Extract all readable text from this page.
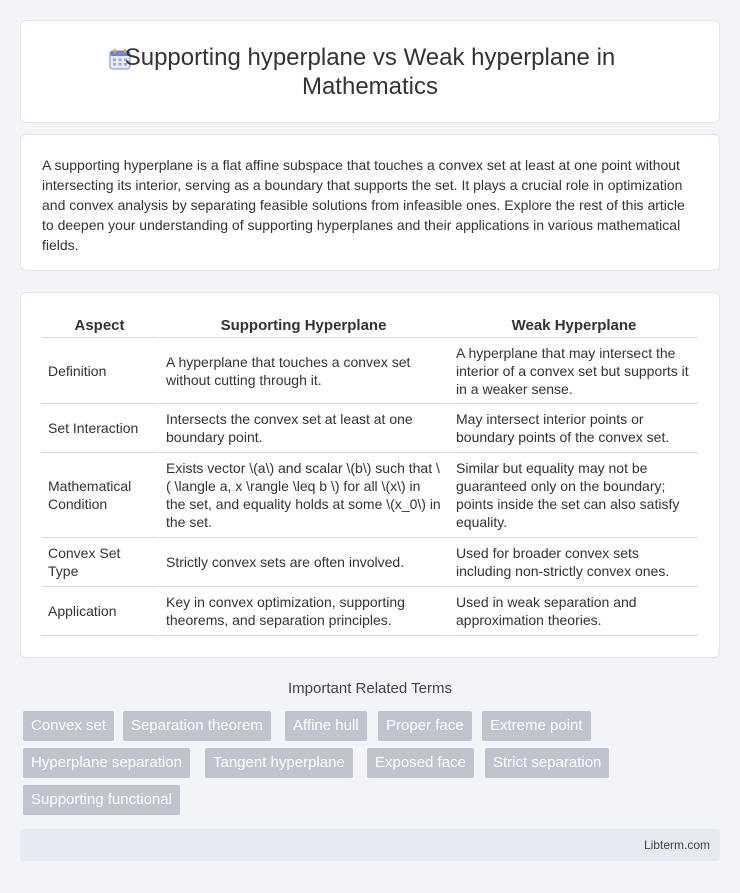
Supporting hyperplane vs Weak hyperplane in Mathematics

A supporting hyperplane is a flat affine subspace that touches a convex set at least at one point without intersecting its interior, serving as a boundary that supports the set. It plays a crucial role in optimization and convex analysis by separating feasible solutions from infeasible ones. Explore the rest of this article to deepen your understanding of supporting hyperplanes and their applications in various mathematical fields.

Aspect	Supporting Hyperplane	Weak Hyperplane
Definition	A hyperplane that touches a convex set without cutting through it.	A hyperplane that may intersect the interior of a convex set but supports it in a weaker sense.
Set Interaction	Intersects the convex set at least at one boundary point.	May intersect interior points or boundary points of the convex set.
Mathematical Condition	Exists vector \(a\) and scalar \(b\) such that \( \langle a, x \rangle \leq b \) for all \(x\) in the set, and equality holds at some \(x_0\) in the set.	Similar but equality may not be guaranteed only on the boundary; points inside the set can also satisfy equality.
Convex Set Type	Strictly convex sets are often involved.	Used for broader convex sets including non-strictly convex ones.
Application	Key in convex optimization, supporting theorems, and separation principles.	Used in weak separation and approximation theories.
Important Related Terms
Convex set	Separation theorem	Affine hull	Proper face	Extreme point
Hyperplane separation	Tangent hyperplane	Exposed face	Strict separation
Supporting functional
Libterm.com
